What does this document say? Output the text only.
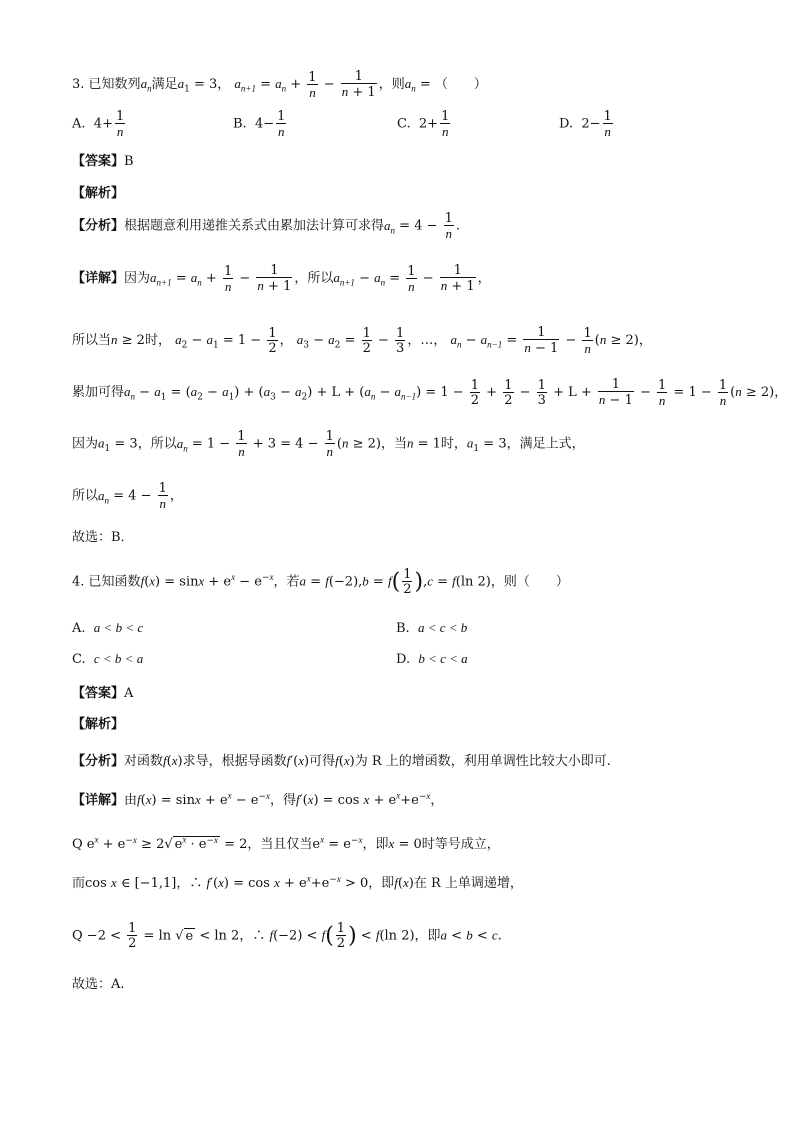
3. 已知数列$a_n$满足$a_1 = 3$， $a_{n+1} = a_n + \frac{1}{n} - \frac{1}{n + 1}$ ，则$a_n$ = （　　）
A. $4+ \frac{1}{n}$	B. $4- \frac{1}{n}$	C. $2+ \frac{1}{n}$	D. $2- \frac{1}{n}$
【答案】B
【解析】
【分析】根据题意利用递推关系式由累加法计算可求得$a_n = 4 - \frac{1}{n}$ .
【详解】因为$a_{n+1} = a_n + \frac{1}{n} - \frac{1}{n + 1}$ ，所以$a_{n+1} - a_n = \frac{1}{n} - \frac{1}{n + 1}$ ，
所以当n ≥ 2时， $a_2 - a_1 = 1 - \frac{1}{2}$ ， $a_3 - a_2 = \frac{1}{2} - \frac{1}{3}$ ，…， $a_n - a_{n-1} = \frac{1}{n - 1} - \frac{1}{n} (n \ge 2)$，
累加可得$a_n - a_1 = (a_2 - a_1) + (a_3 - a_2) + L + (a_n - a_{n-1}) = 1 - \frac{1}{2} + \frac{1}{2} - \frac{1}{3} + L + \frac{1}{n - 1} - \frac{1}{n} = 1 - \frac{1}{n} (n \ge 2)$，
因为$a_1 = 3$，所以$a_n = 1 - \frac{1}{n} + 3 = 4 - \frac{1}{n} (n \ge 2)$，当n = 1时，$a_1 = 3$，满足上式，
所以$a_n = 4 - \frac{1}{n}$ ，
故选：B．
4. 已知函数$f(x) = \sin x + e^x - e^{-x}$，若$a = f(-2),b = f( \frac{1}{2} ),c = f(\ln$ 2)，则（　　）
A. a < b < c	B. a < c < b
C. c < b < a	D. b < c < a
【答案】A
【解析】
【分析】对函数f(x)求导，根据导函数f′(x)可得f(x)为 R 上的增函数，利用单调性比较大小即可.
【详解】由$f(x) = \sin x + e^x - e^{-x}$，得$f'(x) = \cos x + e^x+e^{-x}$，
Q $e^x + e^{-x} \ge 2√$ $e^x \cdot e^{-x} = 2$，当且仅当$e^x = e^{-x}$，即x = 0时等号成立，
而cos x ∈ [−1,1]，∴ $f'(x) = \cos x + e^x+e^{-x} > 0$，即f(x)在 R 上单调递增，
$Q -2 < \frac{1}{2} = \ln$ √ e < ln 2，∴ $f(-2) < f( \frac{1}{2}$ ) < f(ln 2)，即a < b < c.
故选：A.
